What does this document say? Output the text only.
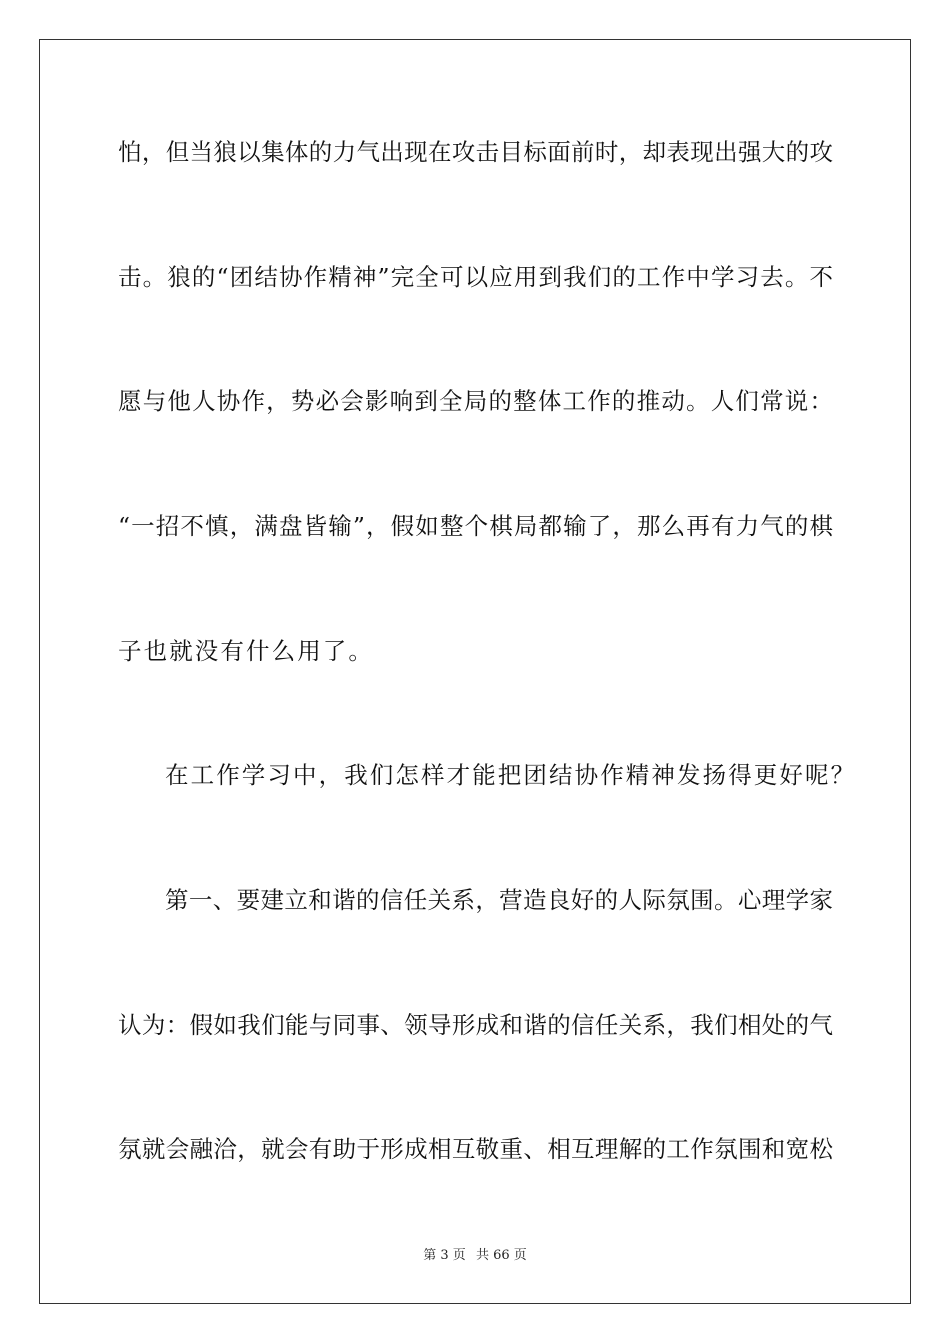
怕，但当狼以集体的力气出现在攻击目标面前时，却表现出强大的攻

击。狼的“团结协作精神”完全可以应用到我们的工作中学习去。不

愿与他人协作，势必会影响到全局的整体工作的推动。人们常说：

“一招不慎，满盘皆输”，假如整个棋局都输了，那么再有力气的棋

子也就没有什么用了。

在工作学习中，我们怎样才能把团结协作精神发扬得更好呢？

第一、要建立和谐的信任关系，营造良好的人际氛围。心理学家

认为：假如我们能与同事、领导形成和谐的信任关系，我们相处的气

氛就会融洽，就会有助于形成相互敬重、相互理解的工作氛围和宽松

第 3 页 共 66 页
